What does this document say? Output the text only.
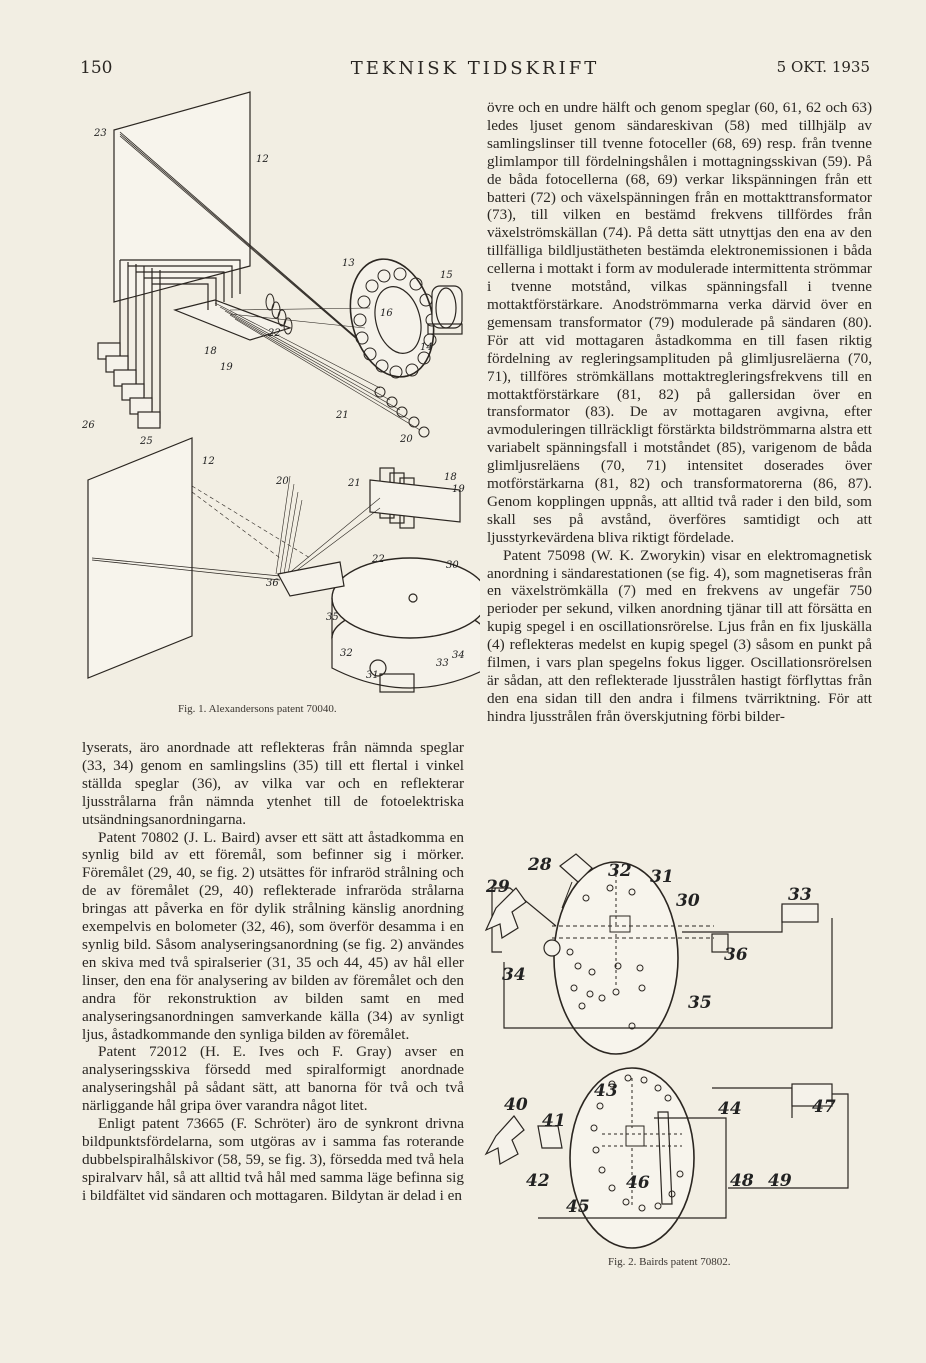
150	TEKNISK TIDSKRIFT	5 OKT. 1935
23
12
13
15
16
14
22
18
19
21
20
26
25
12
20	21
18
19
22
30
36
35
32
33
34
31
Fig. 1. Alexandersons patent 70040.
28	32 31
29
30	33
34
36
35
43
40
41
44	47
42	46	48 49
45
Fig. 2. Bairds patent 70802.

lyserats, äro anordnade att reflekteras från nämnda speglar (33, 34) genom en samlingslins (35) till ett flertal i vinkel ställda speglar (36), av vilka var och en reflekterar ljusstrålarna från nämnda ytenhet till de fotoelektriska utsändningsanordningarna.

Patent 70802 (J. L. Baird) avser ett sätt att åstadkomma en synlig bild av ett föremål, som befinner sig i mörker. Föremålet (29, 40, se fig. 2) utsättes för infraröd strålning och de av föremålet (29, 40) reflekterade infraröda strålarna bringas att påverka en för dylik strålning känslig anordning exempelvis en bolometer (32, 46), som överför desamma i en synlig bild. Såsom analyseringsanordning (se fig. 2) användes en skiva med två spiralserier (31, 35 och 44, 45) av hål eller linser, den ena för analysering av bilden av föremålet och den andra för rekonstruktion av bilden samt en med analyseringsanordningen samverkande källa (34) av synligt ljus, åstadkommande den synliga bilden av föremålet.

Patent 72012 (H. E. Ives och F. Gray) avser en analyseringsskiva försedd med spiralformigt anordnade analyseringshål på sådant sätt, att banorna för två och två närliggande hål gripa över varandra något litet.

Enligt patent 73665 (F. Schröter) äro de synkront drivna bildpunktsfördelarna, som utgöras av i samma fas roterande dubbelspiralhålskivor (58, 59, se fig. 3), försedda med två hela spiralvarv hål, så att alltid två hål med samma läge befinna sig i bildfältet vid sändaren och mottagaren. Bildytan är delad i en

övre och en undre hälft och genom speglar (60, 61, 62 och 63) ledes ljuset genom sändareskivan (58) med tillhjälp av samlingslinser till tvenne fotoceller (68, 69) resp. från tvenne glimlampor till fördelningshålen i mottagningsskivan (59). På de båda fotocellerna (68, 69) verkar likspänningen från ett batteri (72) och växelspänningen från en mottakttransformator (73), till vilken en bestämd frekvens tillfördes från växelströmskällan (74). På detta sätt utnyttjas den ena av den tillfälliga bildljustätheten bestämda elektronemissionen i båda cellerna i mottakt i form av modulerade intermittenta strömmar i tvenne motstånd, vilkas spänningsfall i tvenne mottaktförstärkare. Anodströmmarna verka därvid över en gemensam transformator (79) modulerade på sändaren (80). För att vid mottagaren åstadkomma en till fasen riktig fördelning av regleringsamplituden på glimljusreläerna (70, 71), tillföres strömkällans mottaktregleringsfrekvens till en mottaktförstärkare (81, 82) på gallersidan över en transformator (83). De av mottagaren avgivna, efter avmoduleringen tillräckligt förstärkta bildströmmarna alstra ett variabelt spänningsfall i motståndet (85), varigenom de båda glimljusreläens (70, 71) intensitet doserades över motförstärkarna (81, 82) och transformatorerna (86, 87). Genom kopplingen uppnås, att alltid två rader i den bild, som skall ses på avstånd, överföres samtidigt och att ljusstyrkevärdena bliva riktigt fördelade.

Patent 75098 (W. K. Zworykin) visar en elektromagnetisk anordning i sändarestationen (se fig. 4), som magnetiseras från en växelströmkälla (7) med en frekvens av ungefär 750 perioder per sekund, vilken anordning tjänar till att försätta en kupig spegel i en oscillationsrörelse. Ljus från en fix ljuskälla (4) reflekteras medelst en kupig spegel (3) såsom en punkt på filmen, i vars plan spegelns fokus ligger. Oscillationsrörelsen är sådan, att den reflekterade ljusstrålen hastigt förflyttas från den ena sidan till den andra i filmens tvärriktning. För att hindra ljusstrålen från överskjutning förbi bilder-
